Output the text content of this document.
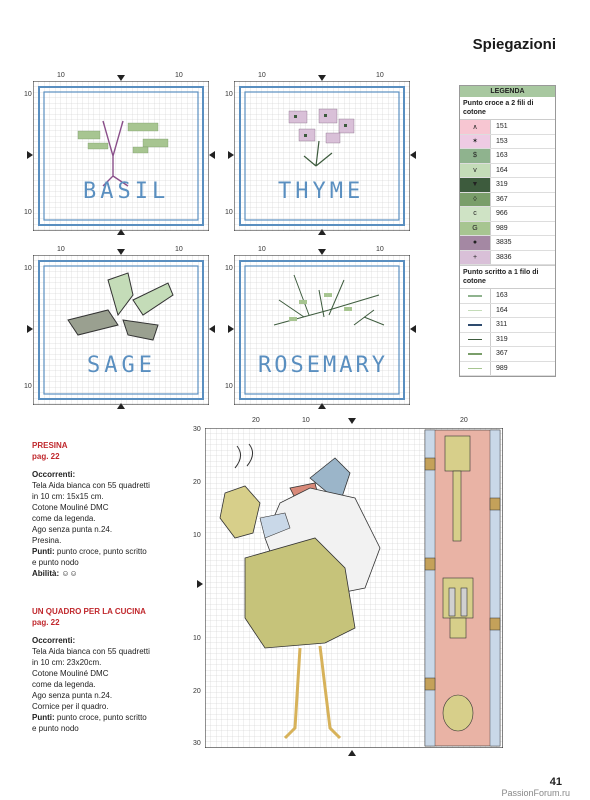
Spiegazioni
10	10
10
10
BASIL
10	10
10
10
THYME
10	10
10
10
SAGE
10	10
10
10
ROSEMARY
LEGENDA
Punto croce a 2 fili di cotone
∧	151
✶	153
$	163
v	164
▼	319
◊	367
c	966
G	989
●	3835
+	3836
Punto scritto a 1 filo di cotone
163
164
311
319
367
989
PRESINA
pag. 22
Occorrenti:
Tela Aida bianca con 55 quadretti
in 10 cm: 15x15 cm.
Cotone Mouliné DMC
come da legenda.
Ago senza punta n.24.
Presina.
Punti: punto croce, punto scritto
e punto nodo
Abilità: ☺☺
UN QUADRO PER LA CUCINA
pag. 22
Occorrenti:
Tela Aida bianca con 55 quadretti
in 10 cm: 23x20cm.
Cotone Mouliné DMC
come da legenda.
Ago senza punta n.24.
Cornice per il quadro.
Punti: punto croce, punto scritto
e punto nodo
20	10	20
30
20
10
10
20
30
41
PassionForum.ru
